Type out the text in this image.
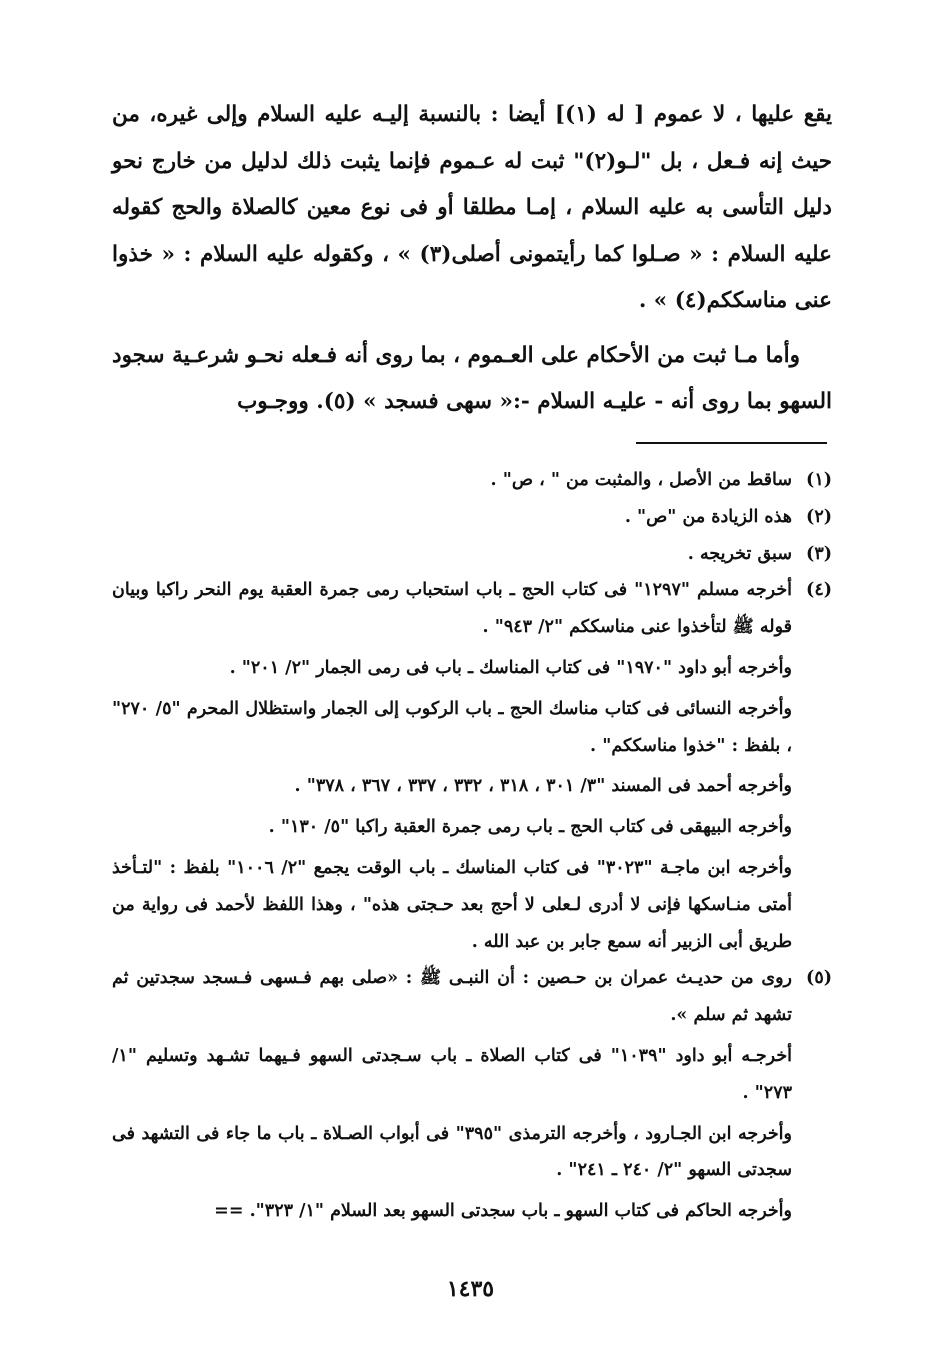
يقع عليها ، لا عموم [ له (١)] أيضا : بالنسبة إليـه عليه السلام وإلى غيره، من حيث إنه فـعل ، بل "لـو(٢)" ثبت له عـموم فإنما يثبت ذلك لدليل من خارج نحو دليل التأسى به عليه السلام ، إمـا مطلقا أو فى نوع معين كالصلاة والحج كقوله عليه السلام : « صـلوا كما رأيتمونى أصلى(٣) » ، وكقوله عليه السلام : « خذوا عنى مناسككم(٤) » .

وأما مـا ثبت من الأحكام على العـموم ، بما روى أنه فـعله نحـو شرعـية سجود السهو بما روى أنه - عليـه السلام -:« سهى فسجد » (٥). ووجـوب

(١)

ساقط من الأصل ، والمثبت من " ، ص" .

(٢)

هذه الزيادة من "ص" .

(٣)

سبق تخريجه .

(٤)

أخرجه مسلم "١٢٩٧" فى كتاب الحج ـ باب استحباب رمى جمرة العقبة يوم النحر راكبا وبيان قوله ﷺ لتأخذوا عنى مناسككم "٢/ ٩٤٣" .

وأخرجه أبو داود "١٩٧٠" فى كتاب المناسك ـ باب فى رمى الجمار "٢/ ٢٠١" .

وأخرجه النسائى فى كتاب مناسك الحج ـ باب الركوب إلى الجمار واستظلال المحرم "٥/ ٢٧٠" ، بلفظ : "خذوا مناسككم" .

وأخرجه أحمد فى المسند "٣/ ٣٠١ ، ٣١٨ ، ٣٣٢ ، ٣٣٧ ، ٣٦٧ ، ٣٧٨" .

وأخرجه البيهقى فى كتاب الحج ـ باب رمى جمرة العقبة راكبا "٥/ ١٣٠" .

وأخرجه ابن ماجـة "٣٠٢٣" فى كتاب المناسك ـ باب الوقت يجمع "٢/ ١٠٠٦" بلفظ : "لتـأخذ أمتى منـاسكها فإنى لا أدرى لـعلى لا أحج بعد حـجتى هذه" ، وهذا اللفظ لأحمد فى رواية من طريق أبى الزبير أنه سمع جابر بن عبد الله .

(٥)

روى من حديـث عمران بن حـصين : أن النبـى ﷺ : «صلى بهم فـسهى فـسجد سجدتين ثم تشهد ثم سلم ».

أخرجـه أبو داود "١٠٣٩" فى كتاب الصلاة ـ باب سـجدتى السهو فـيهما تشـهد وتسليم "١/ ٢٧٣" .

وأخرجه ابن الجـارود ، وأخرجه الترمذى "٣٩٥" فى أبواب الصـلاة ـ باب ما جاء فى التشهد فى سجدتى السهو "٢/ ٢٤٠ ـ ٢٤١" .

وأخرجه الحاكم فى كتاب السهو ـ باب سجدتى السهو بعد السلام "١/ ٣٢٣". ==

١٤٣٥
